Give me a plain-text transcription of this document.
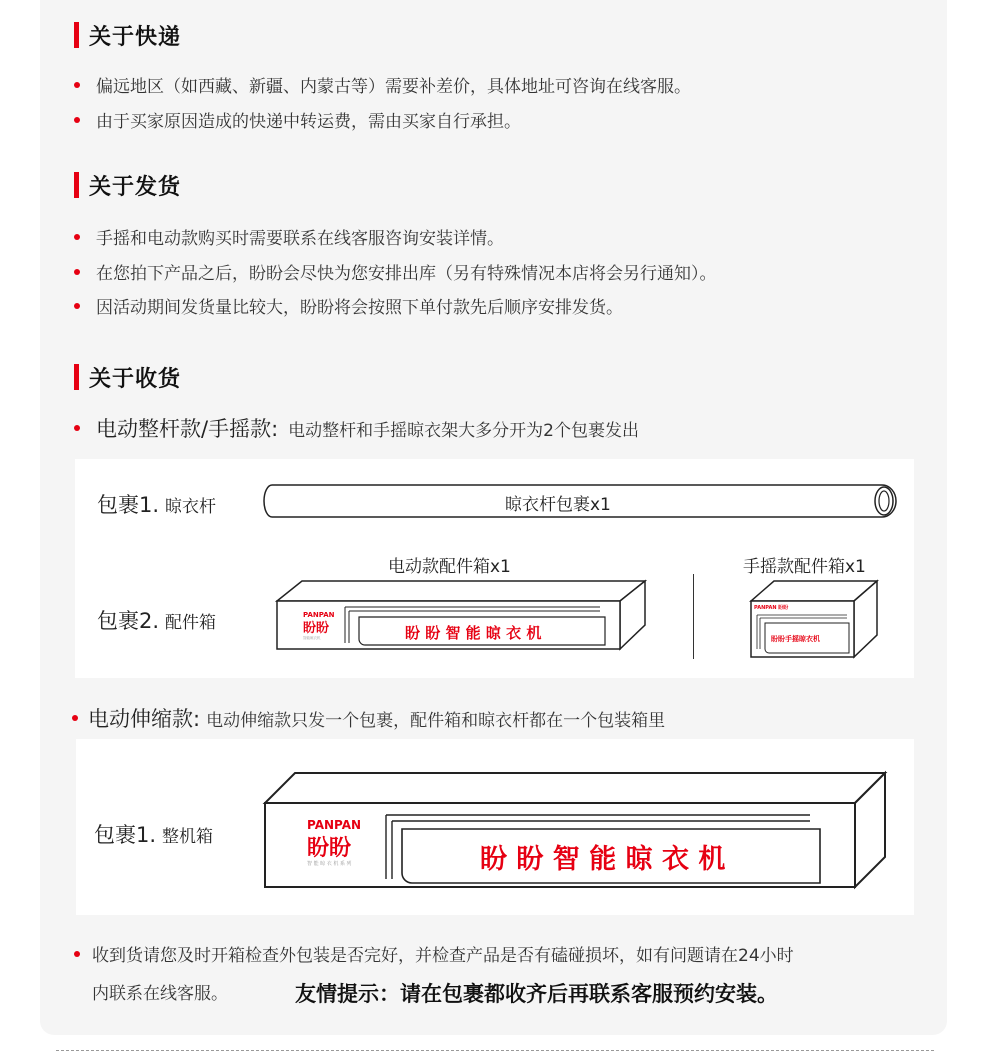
关于快递
偏远地区（如西藏、新疆、内蒙古等）需要补差价，具体地址可咨询在线客服。
由于买家原因造成的快递中转运费，需由买家自行承担。
关于发货
手摇和电动款购买时需要联系在线客服咨询安装详情。
在您拍下产品之后，盼盼会尽快为您安排出库（另有特殊情况本店将会另行通知）。
因活动期间发货量比较大，盼盼将会按照下单付款先后顺序安排发货。
关于收货
电动整杆款/手摇款: 电动整杆和手摇晾衣架大多分开为2个包裹发出
包裹1. 晾衣杆	晾衣杆包裹x1
电动款配件箱x1	手摇款配件箱x1
包裹2. 配件箱	PANPAN
盼盼
智能晾衣机	盼 盼 智 能 晾 衣 机
PANPAN 盼盼
盼盼手摇晾衣机
电动伸缩款: 电动伸缩款只发一个包裹，配件箱和晾衣杆都在一个包装箱里
包裹1. 整机箱
PANPAN
盼盼
智 能 晾 衣 机 系 列	盼 盼 智 能 晾 衣 机
收到货请您及时开箱检查外包装是否完好，并检查产品是否有磕碰损坏，如有问题请在24小时
内联系在线客服。	友情提示：请在包裹都收齐后再联系客服预约安装。
